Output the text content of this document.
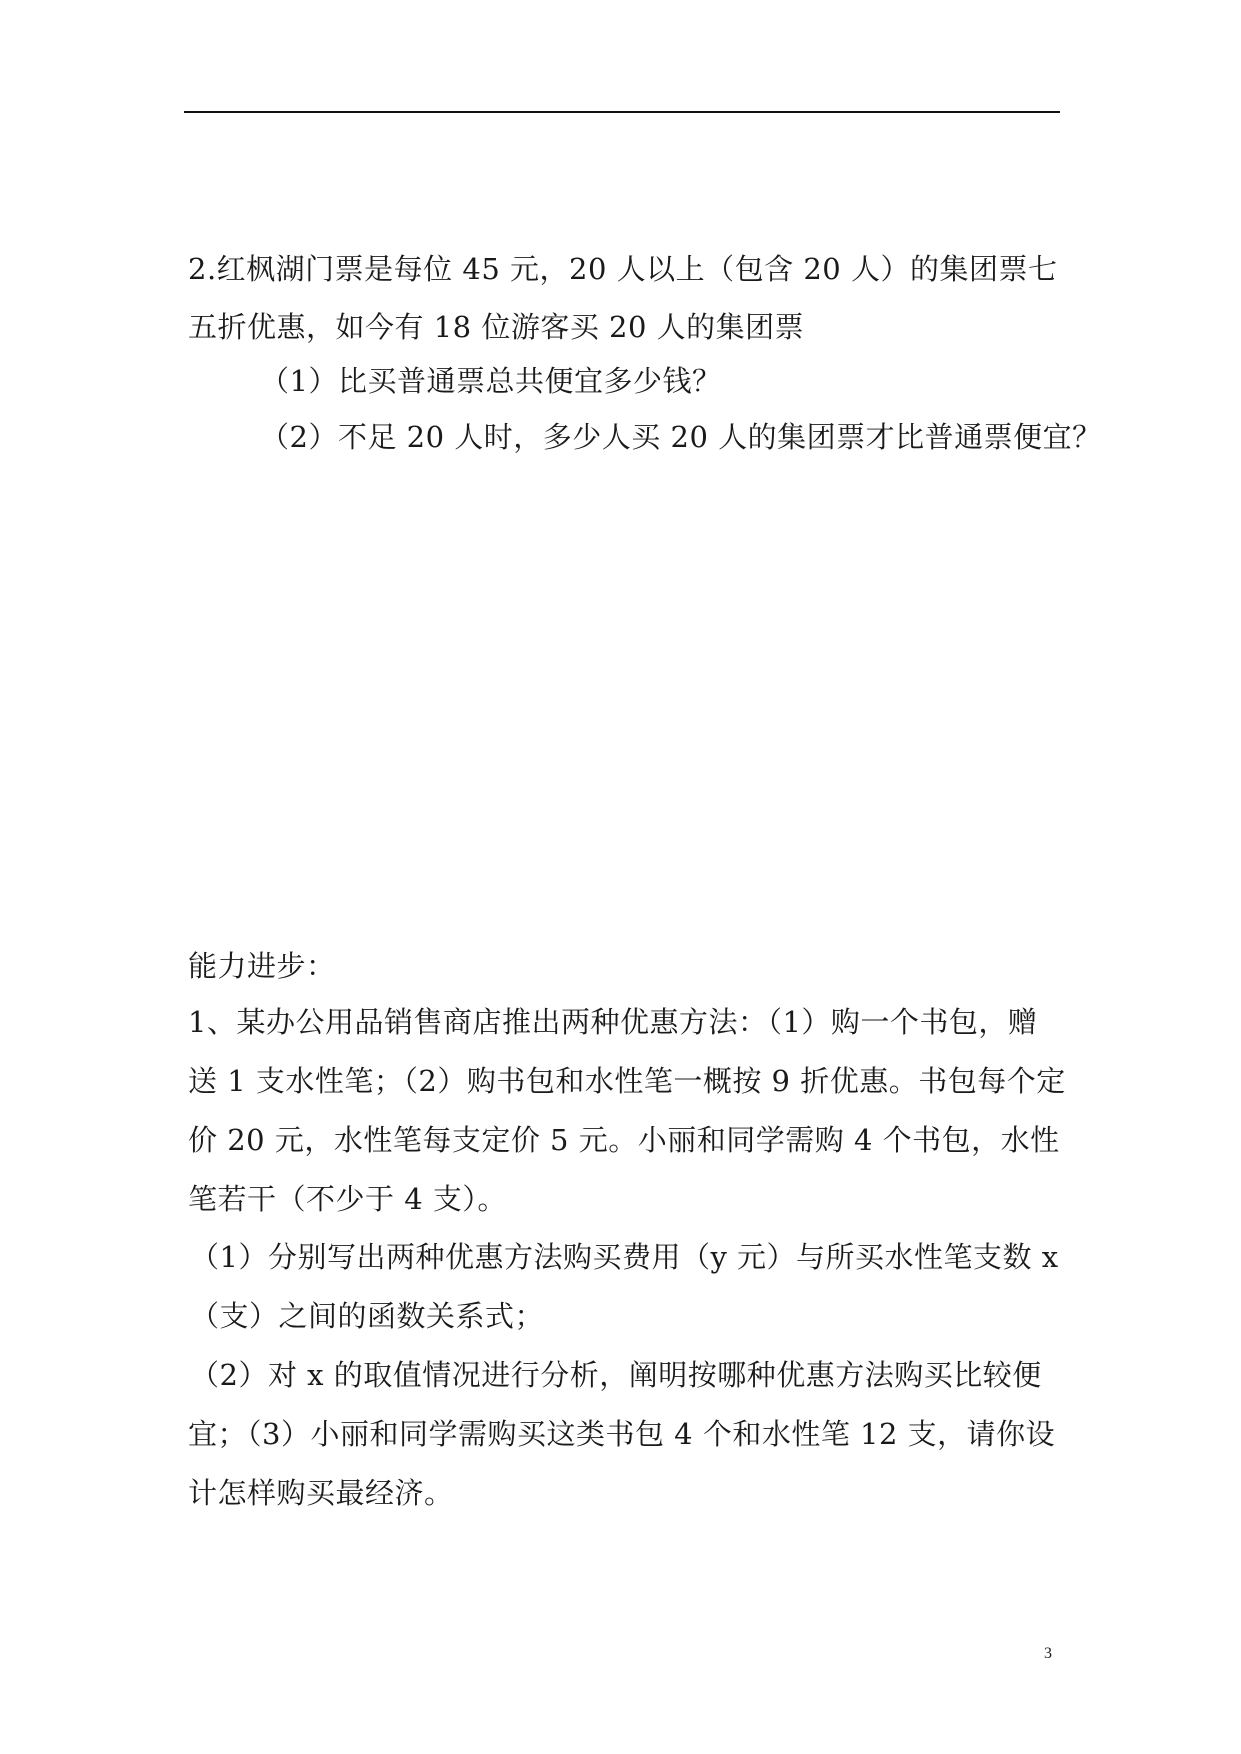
2.红枫湖门票是每位 45 元，20 人以上（包含 20 人）的集团票七
五折优惠，如今有 18 位游客买 20 人的集团票
（1）比买普通票总共便宜多少钱？
（2）不足 20 人时，多少人买 20 人的集团票才比普通票便宜？
能力进步：
1、某办公用品销售商店推出两种优惠方法：（1）购一个书包，赠
送 1 支水性笔；（2）购书包和水性笔一概按 9 折优惠。书包每个定
价 20 元，水性笔每支定价 5 元。小丽和同学需购 4 个书包，水性
笔若干（不少于 4 支）。
（1）分别写出两种优惠方法购买费用（y 元）与所买水性笔支数 x
（支）之间的函数关系式；
（2）对 x 的取值情况进行分析，阐明按哪种优惠方法购买比较便
宜；（3）小丽和同学需购买这类书包 4 个和水性笔 12 支，请你设
计怎样购买最经济。
3
